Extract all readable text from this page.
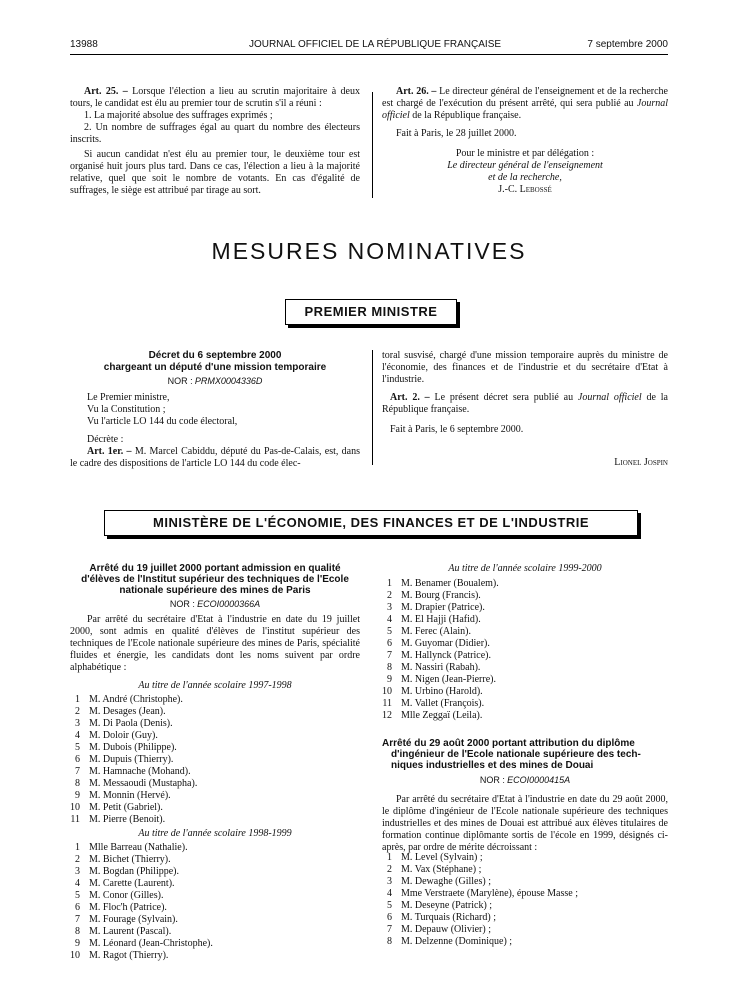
13988	JOURNAL OFFICIEL DE LA RÉPUBLIQUE FRANÇAISE	7 septembre 2000
Art. 25. – Lorsque l'élection a lieu au scrutin majoritaire à deux tours, le candidat est élu au premier tour de scrutin s'il a réuni :
1. La majorité absolue des suffrages exprimés ;
2. Un nombre de suffrages égal au quart du nombre des électeurs inscrits.
Si aucun candidat n'est élu au premier tour, le deuxième tour est organisé huit jours plus tard. Dans ce cas, l'élection a lieu à la majorité relative, quel que soit le nombre de votants. En cas d'égalité de suffrages, le siège est attribué par tirage au sort.
Art. 26. – Le directeur général de l'enseignement et de la recherche est chargé de l'exécution du présent arrêté, qui sera publié au Journal officiel de la République française.
Fait à Paris, le 28 juillet 2000.
Pour le ministre et par délégation :
Le directeur général de l'enseignement
et de la recherche,
J.-C. Lebossé
MESURES NOMINATIVES
PREMIER MINISTRE
Décret du 6 septembre 2000
chargeant un député d'une mission temporaire
NOR : PRMX0004336D
Le Premier ministre,
Vu la Constitution ;
Vu l'article LO 144 du code électoral,
Décrète :
Art. 1er. – M. Marcel Cabiddu, député du Pas-de-Calais, est, dans le cadre des dispositions de l'article LO 144 du code élec-
toral susvisé, chargé d'une mission temporaire auprès du ministre de l'économie, des finances et de l'industrie et du secrétaire d'Etat à l'industrie.
Art. 2. – Le présent décret sera publié au Journal officiel de la République française.
Fait à Paris, le 6 septembre 2000.
Lionel Jospin
MINISTÈRE DE L'ÉCONOMIE, DES FINANCES ET DE L'INDUSTRIE
Arrêté du 19 juillet 2000 portant admission en qualité
d'élèves de l'Institut supérieur des techniques de l'Ecole
nationale supérieure des mines de Paris
NOR : ECOI0000366A
Par arrêté du secrétaire d'Etat à l'industrie en date du 19 juillet 2000, sont admis en qualité d'élèves de l'institut supérieur des techniques de l'Ecole nationale supérieure des mines de Paris, spécialité fluides et énergie, les candidats dont les noms suivent par ordre alphabétique :
Au titre de l'année scolaire 1997-1998
1 M. André (Christophe).
2 M. Desages (Jean).
3 M. Di Paola (Denis).
4 M. Doloir (Guy).
5 M. Dubois (Philippe).
6 M. Dupuis (Thierry).
7 M. Hamnache (Mohand).
8 M. Messaoudi (Mustapha).
9 M. Monnin (Hervé).
10 M. Petit (Gabriel).
11 M. Pierre (Benoit).
Au titre de l'année scolaire 1998-1999
1 Mlle Barreau (Nathalie).
2 M. Bichet (Thierry).
3 M. Bogdan (Philippe).
4 M. Carette (Laurent).
5 M. Conor (Gilles).
6 M. Floc'h (Patrice).
7 M. Fourage (Sylvain).
8 M. Laurent (Pascal).
9 M. Léonard (Jean-Christophe).
10 M. Ragot (Thierry).
Au titre de l'année scolaire 1999-2000
1 M. Benamer (Boualem).
2 M. Bourg (Francis).
3 M. Drapier (Patrice).
4 M. El Hajji (Hafid).
5 M. Ferec (Alain).
6 M. Guyomar (Didier).
7 M. Hallynck (Patrice).
8 M. Nassiri (Rabah).
9 M. Nigen (Jean-Pierre).
10 M. Urbino (Harold).
11 M. Vallet (François).
12 Mlle Zeggaï (Leila).
Arrêté du 29 août 2000 portant attribution du diplôme
d'ingénieur de l'Ecole nationale supérieure des tech-
niques industrielles et des mines de Douai
NOR : ECOI0000415A
Par arrêté du secrétaire d'Etat à l'industrie en date du 29 août 2000, le diplôme d'ingénieur de l'Ecole nationale supérieure des techniques industrielles et des mines de Douai est attribué aux élèves titulaires de formation continue diplômante sortis de l'école en 1999, désignés ci-après, par ordre de mérite décroissant :
1 M. Level (Sylvain) ;
2 M. Vax (Stéphane) ;
3 M. Dewaghe (Gilles) ;
4 Mme Verstraete (Marylène), épouse Masse ;
5 M. Deseyne (Patrick) ;
6 M. Turquais (Richard) ;
7 M. Depauw (Olivier) ;
8 M. Delzenne (Dominique) ;
